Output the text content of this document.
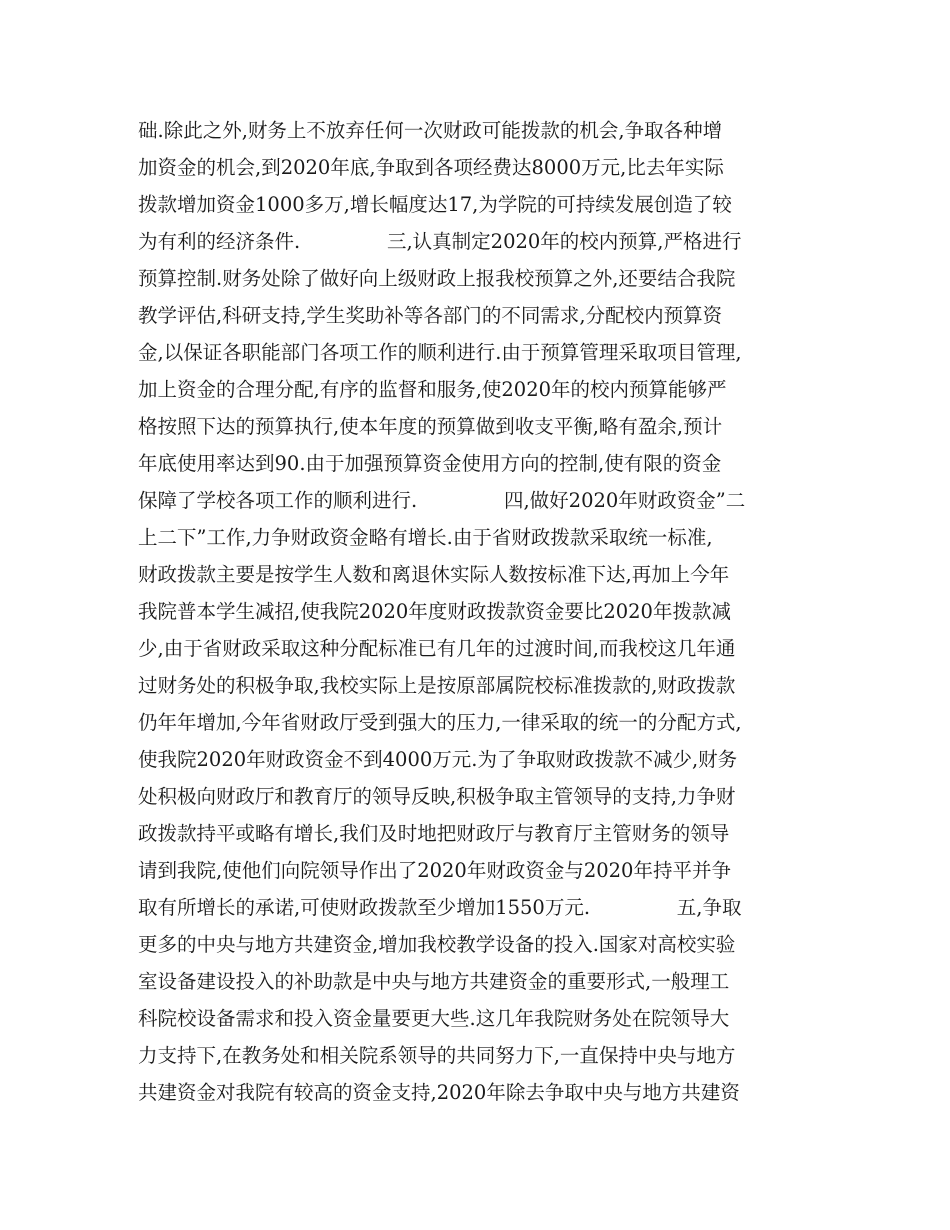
础.除此之外,财务上不放弃任何一次财政可能拨款的机会,争取各种增
加资金的机会,到2020年底,争取到各项经费达8000万元,比去年实际
拨款增加资金1000多万,增长幅度达17,为学院的可持续发展创造了较
为有利的经济条件.              三,认真制定2020年的校内预算,严格进行
预算控制.财务处除了做好向上级财政上报我校预算之外,还要结合我院
教学评估,科研支持,学生奖助补等各部门的不同需求,分配校内预算资
金,以保证各职能部门各项工作的顺利进行.由于预算管理采取项目管理,
加上资金的合理分配,有序的监督和服务,使2020年的校内预算能够严
格按照下达的预算执行,使本年度的预算做到收支平衡,略有盈余,预计
年底使用率达到90.由于加强预算资金使用方向的控制,使有限的资金
保障了学校各项工作的顺利进行.              四,做好2020年财政资金”二
上二下”工作,力争财政资金略有增长.由于省财政拨款采取统一标准,
财政拨款主要是按学生人数和离退休实际人数按标准下达,再加上今年
我院普本学生减招,使我院2020年度财政拨款资金要比2020年拨款减
少,由于省财政采取这种分配标准已有几年的过渡时间,而我校这几年通
过财务处的积极争取,我校实际上是按原部属院校标准拨款的,财政拨款
仍年年增加,今年省财政厅受到强大的压力,一律采取的统一的分配方式,
使我院2020年财政资金不到4000万元.为了争取财政拨款不减少,财务
处积极向财政厅和教育厅的领导反映,积极争取主管领导的支持,力争财
政拨款持平或略有增长,我们及时地把财政厅与教育厅主管财务的领导
请到我院,使他们向院领导作出了2020年财政资金与2020年持平并争
取有所增长的承诺,可使财政拨款至少增加1550万元.              五,争取
更多的中央与地方共建资金,增加我校教学设备的投入.国家对高校实验
室设备建设投入的补助款是中央与地方共建资金的重要形式,一般理工
科院校设备需求和投入资金量要更大些.这几年我院财务处在院领导大
力支持下,在教务处和相关院系领导的共同努力下,一直保持中央与地方
共建资金对我院有较高的资金支持,2020年除去争取中央与地方共建资
